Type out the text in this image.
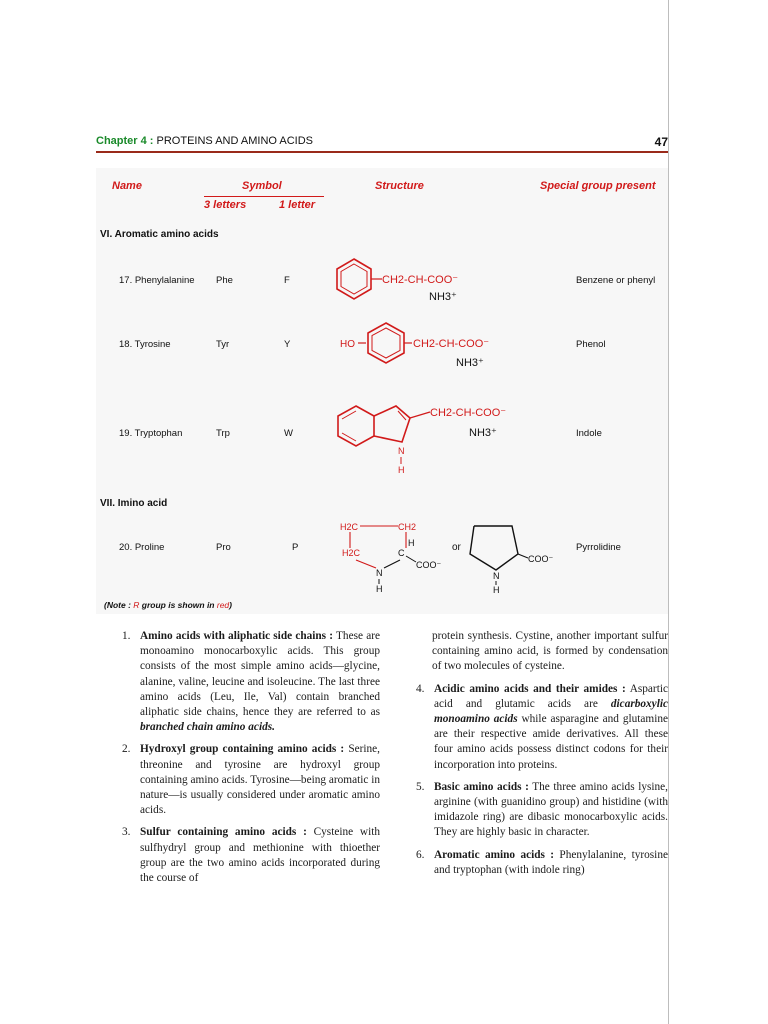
Chapter 4 : PROTEINS AND AMINO ACIDS	47
Name	Symbol
3 letters	1 letter
Structure	Special group present
VI. Aromatic amino acids
17. Phenylalanine Phe	F	Benzene or phenyl
CH2-CH-COO⁻
NH3⁺
18. Tyrosine	Tyr	Y	Phenol
HO	CH2-CH-COO⁻
NH3⁺
19. Tryptophan	Trp	W	Indole
CH2-CH-COO⁻
NH3⁺
N
H
VII. Imino acid
20. Proline	Pro	P	Pyrrolidine
H2C	CH2
H2C	C
H
COO⁻
N
H
or
COO⁻
N
H
(Note : R group is shown in red)
1. Amino acids with aliphatic side chains : These are monoamino monocarboxylic acids. This group consists of the most simple amino acids—glycine, alanine, valine, leucine and isoleucine. The last three amino acids (Leu, Ile, Val) contain branched aliphatic side chains, hence they are referred to as branched chain amino acids.
2. Hydroxyl group containing amino acids : Serine, threonine and tyrosine are hydroxyl group containing amino acids. Tyrosine—being aromatic in nature—is usually considered under aromatic amino acids.
3. Sulfur containing amino acids : Cysteine with sulfhydryl group and methionine with thioether group are the two amino acids incorporated during the course of
protein synthesis. Cystine, another important sulfur containing amino acid, is formed by condensation of two molecules of cysteine.
4. Acidic amino acids and their amides : Aspartic acid and glutamic acids are dicarboxylic monoamino acids while asparagine and glutamine are their respective amide derivatives. All these four amino acids possess distinct codons for their incorporation into proteins.
5. Basic amino acids : The three amino acids lysine, arginine (with guanidino group) and histidine (with imidazole ring) are dibasic monocarboxylic acids. They are highly basic in character.
6. Aromatic amino acids : Phenylalanine, tyrosine and tryptophan (with indole ring)
